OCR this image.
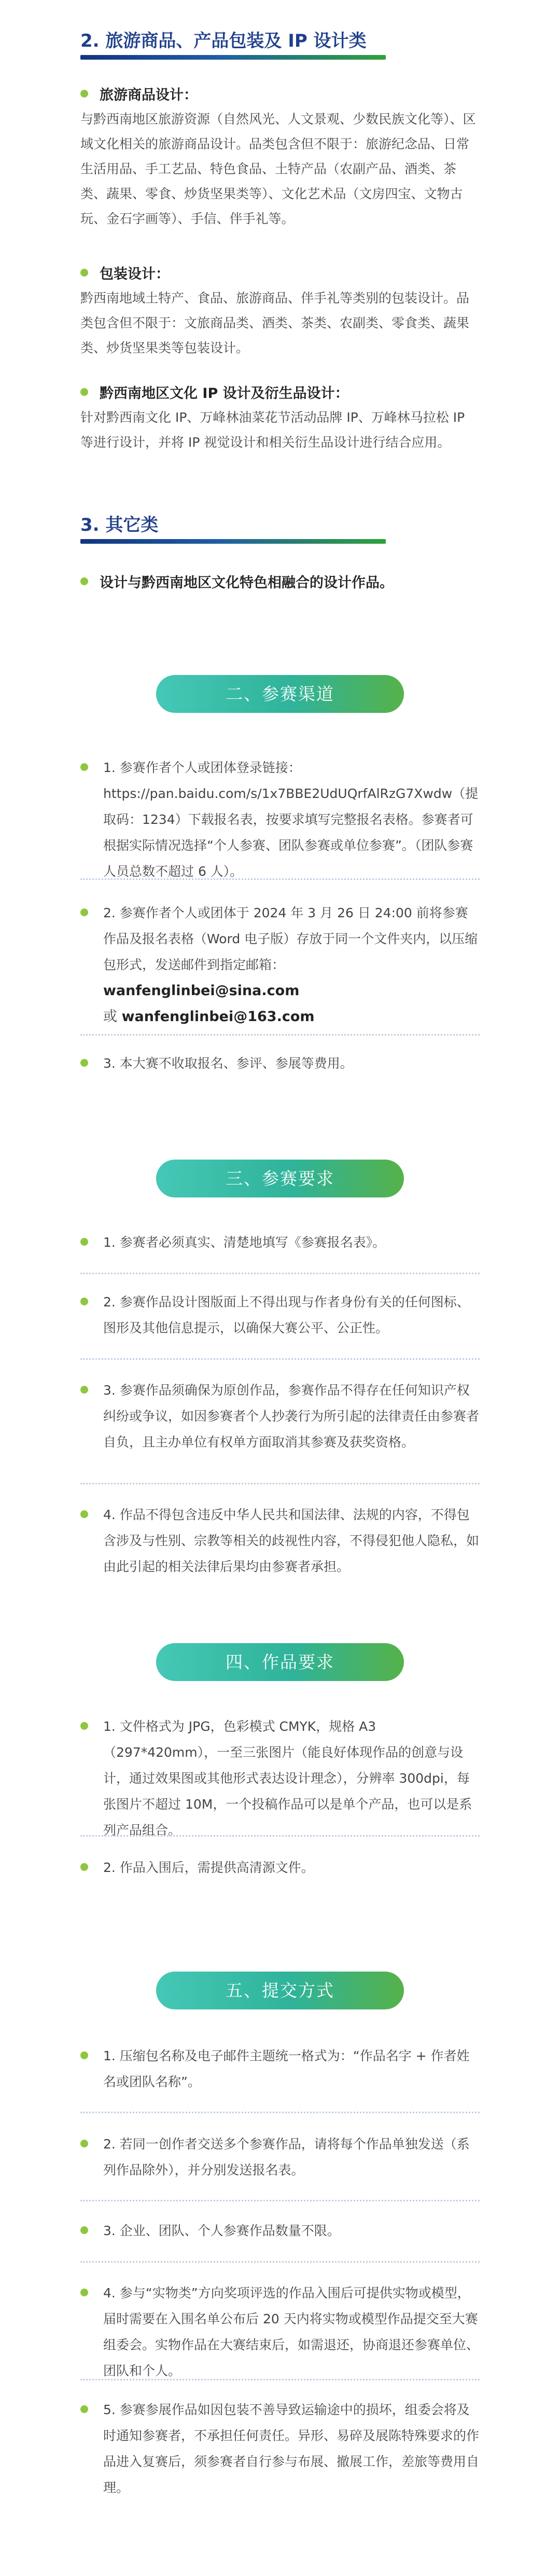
2. 旅游商品、产品包装及 IP 设计类
旅游商品设计：

与黔西南地区旅游资源（自然风光、人文景观、少数民族文化等）、区域文化相关的旅游商品设计。品类包含但不限于：旅游纪念品、日常生活用品、手工艺品、特色食品、土特产品（农副产品、酒类、茶类、蔬果、零食、炒货坚果类等）、文化艺术品（文房四宝、文物古玩、金石字画等）、手信、伴手礼等。

包装设计：

黔西南地域土特产、食品、旅游商品、伴手礼等类别的包装设计。品类包含但不限于：文旅商品类、酒类、茶类、农副类、零食类、蔬果类、炒货坚果类等包装设计。

黔西南地区文化 IP 设计及衍生品设计：

针对黔西南文化 IP、万峰林油菜花节活动品牌 IP、万峰林马拉松 IP 等进行设计，并将 IP 视觉设计和相关衍生品设计进行结合应用。

3. 其它类
设计与黔西南地区文化特色相融合的设计作品。
二、参赛渠道
1. 参赛作者个人或团体登录链接：
https://pan.baidu.com/s/1x7BBE2UdUQrfAlRzG7Xwdw（提取码：1234）下载报名表，按要求填写完整报名表格。参赛者可根据实际情况选择“个人参赛、团队参赛或单位参赛”。（团队参赛人员总数不超过 6 人）。
2. 参赛作者个人或团体于 2024 年 3 月 26 日 24:00 前将参赛作品及报名表格（Word 电子版）存放于同一个文件夹内，以压缩包形式，发送邮件到指定邮箱：
wanfenglinbei@sina.com
或 wanfenglinbei@163.com
3. 本大赛不收取报名、参评、参展等费用。
三、参赛要求
1. 参赛者必须真实、清楚地填写《参赛报名表》。
2. 参赛作品设计图版面上不得出现与作者身份有关的任何图标、图形及其他信息提示，以确保大赛公平、公正性。
3. 参赛作品须确保为原创作品，参赛作品不得存在任何知识产权纠纷或争议，如因参赛者个人抄袭行为所引起的法律责任由参赛者自负，且主办单位有权单方面取消其参赛及获奖资格。
4. 作品不得包含违反中华人民共和国法律、法规的内容，不得包含涉及与性别、宗教等相关的歧视性内容，不得侵犯他人隐私，如由此引起的相关法律后果均由参赛者承担。
四、作品要求
1. 文件格式为 JPG，色彩模式 CMYK，规格 A3（297*420mm），一至三张图片（能良好体现作品的创意与设计，通过效果图或其他形式表达设计理念），分辨率 300dpi，每张图片不超过 10M，一个投稿作品可以是单个产品，也可以是系列产品组合。
2. 作品入围后，需提供高清源文件。
五、提交方式
1. 压缩包名称及电子邮件主题统一格式为：“作品名字 + 作者姓名或团队名称”。
2. 若同一创作者交送多个参赛作品，请将每个作品单独发送（系列作品除外），并分别发送报名表。
3. 企业、团队、个人参赛作品数量不限。
4. 参与“实物类”方向奖项评选的作品入围后可提供实物或模型，届时需要在入围名单公布后 20 天内将实物或模型作品提交至大赛组委会。实物作品在大赛结束后，如需退还，协商退还参赛单位、团队和个人。
5. 参赛参展作品如因包装不善导致运输途中的损坏，组委会将及时通知参赛者，不承担任何责任。异形、易碎及展陈特殊要求的作品进入复赛后，须参赛者自行参与布展、撤展工作，差旅等费用自理。
